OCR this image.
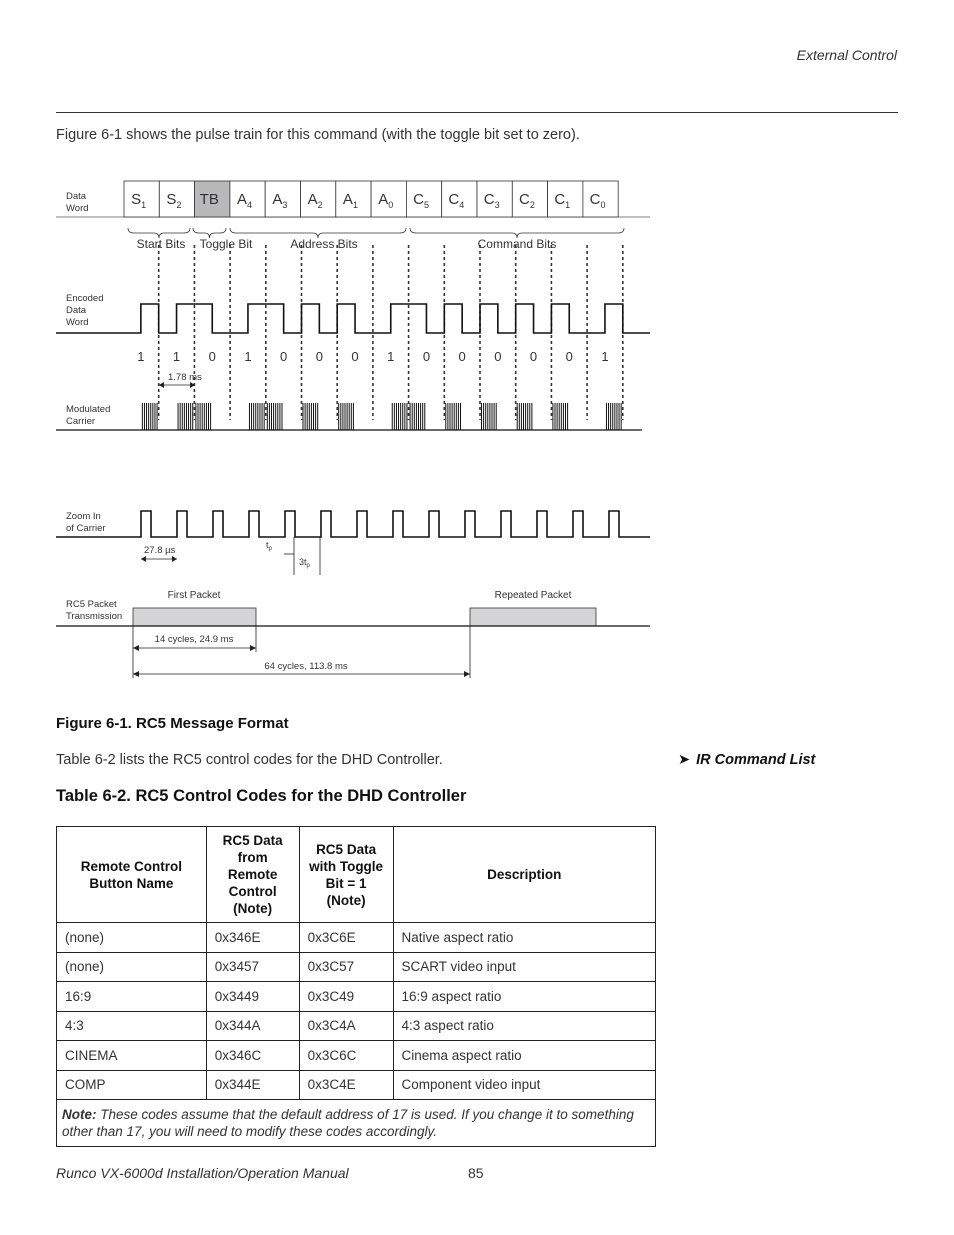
External Control
Figure 6-1 shows the pulse train for this command (with the toggle bit set to zero).
Data
Word
Encoded
Data
Word
Modulated
Carrier
Zoom In
of Carrier
RC5 Packet
Transmission
$S_1$ $S_2$ TB $A_4$ $A_3$ $A_2$ $A_1$ $A_0$ $C_5$ $C_4$ $C_3$ $C_2$ $C_1$ $C_0$
Start Bits Toggle Bit	Address Bits	Command Bits
1 1 0 1 0 0 0 1 0 0 0 0 0 1
1.78 ms
27.8 µs	$t_p$
$3t_p$
First Packet	Repeated Packet
14 cycles, 24.9 ms
64 cycles, 113.8 ms
Figure 6-1. RC5 Message Format
Table 6-2 lists the RC5 control codes for the DHD Controller.	➤ IR Command List
Table 6-2. RC5 Control Codes for the DHD Controller
Remote Control Button Name	RC5 Data from Remote Control (Note)	RC5 Data with Toggle Bit = 1 (Note)	Description
(none)	0x346E	0x3C6E	Native aspect ratio
(none)	0x3457	0x3C57	SCART video input
16:9	0x3449	0x3C49	16:9 aspect ratio
4:3	0x344A	0x3C4A	4:3 aspect ratio
CINEMA	0x346C	0x3C6C	Cinema aspect ratio
COMP	0x344E	0x3C4E	Component video input
Note: These codes assume that the default address of 17 is used. If you change it to something other than 17, you will need to modify these codes accordingly.			
Runco VX-6000d Installation/Operation Manual	85
